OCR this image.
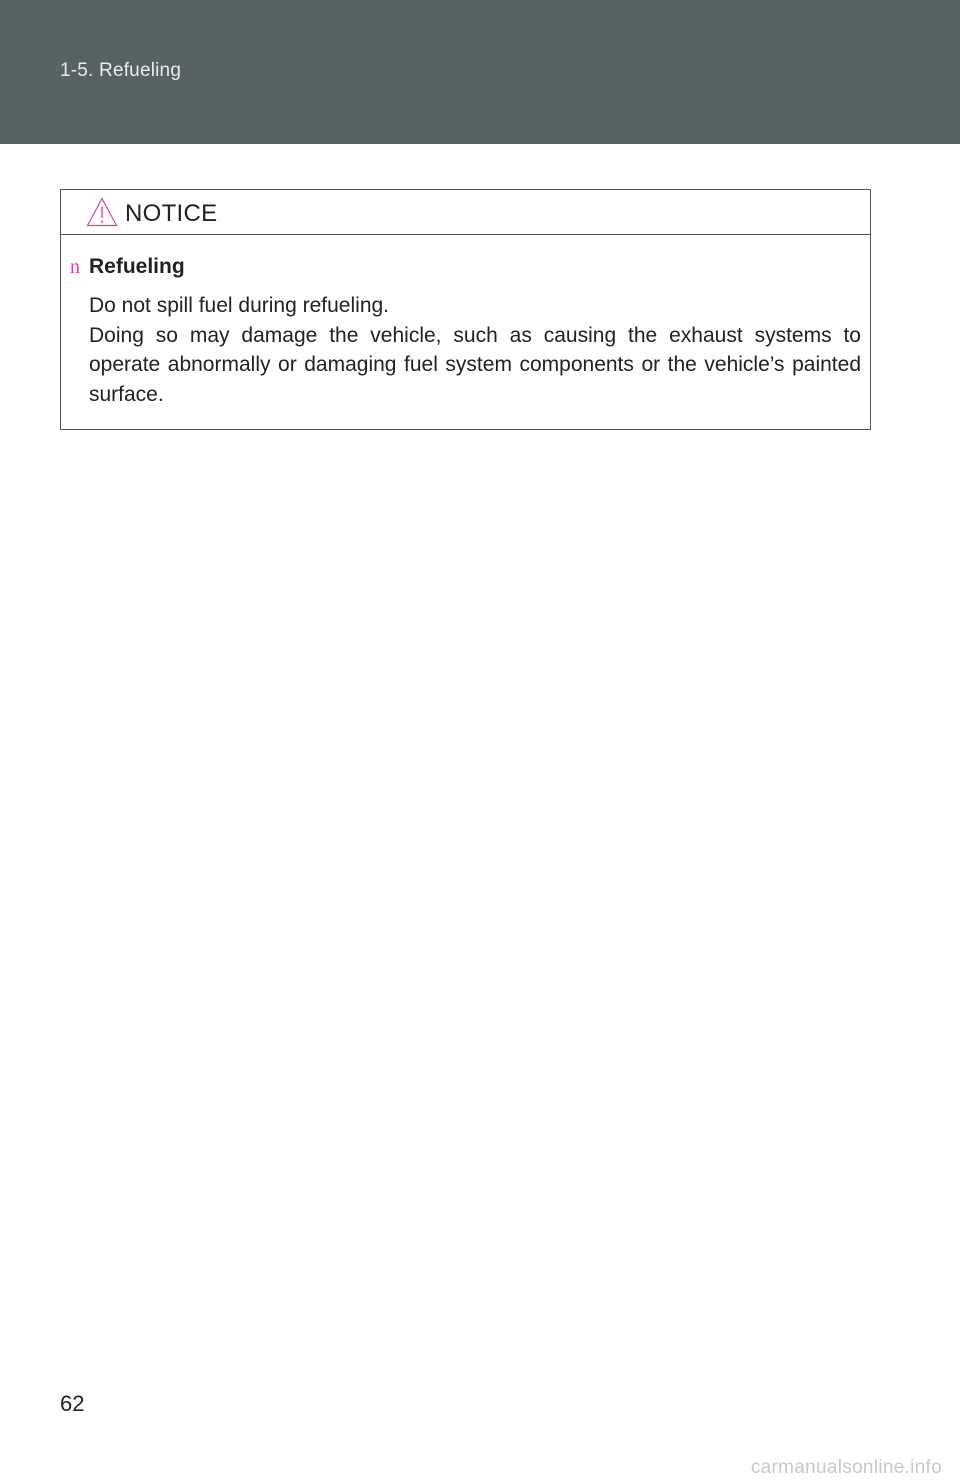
1-5. Refueling
NOTICE
n Refueling
Do not spill fuel during refueling.
Doing so may damage the vehicle, such as causing the exhaust systems to operate abnormally or damaging fuel system components or the vehicle’s painted surface.
62
carmanualsonline.info
